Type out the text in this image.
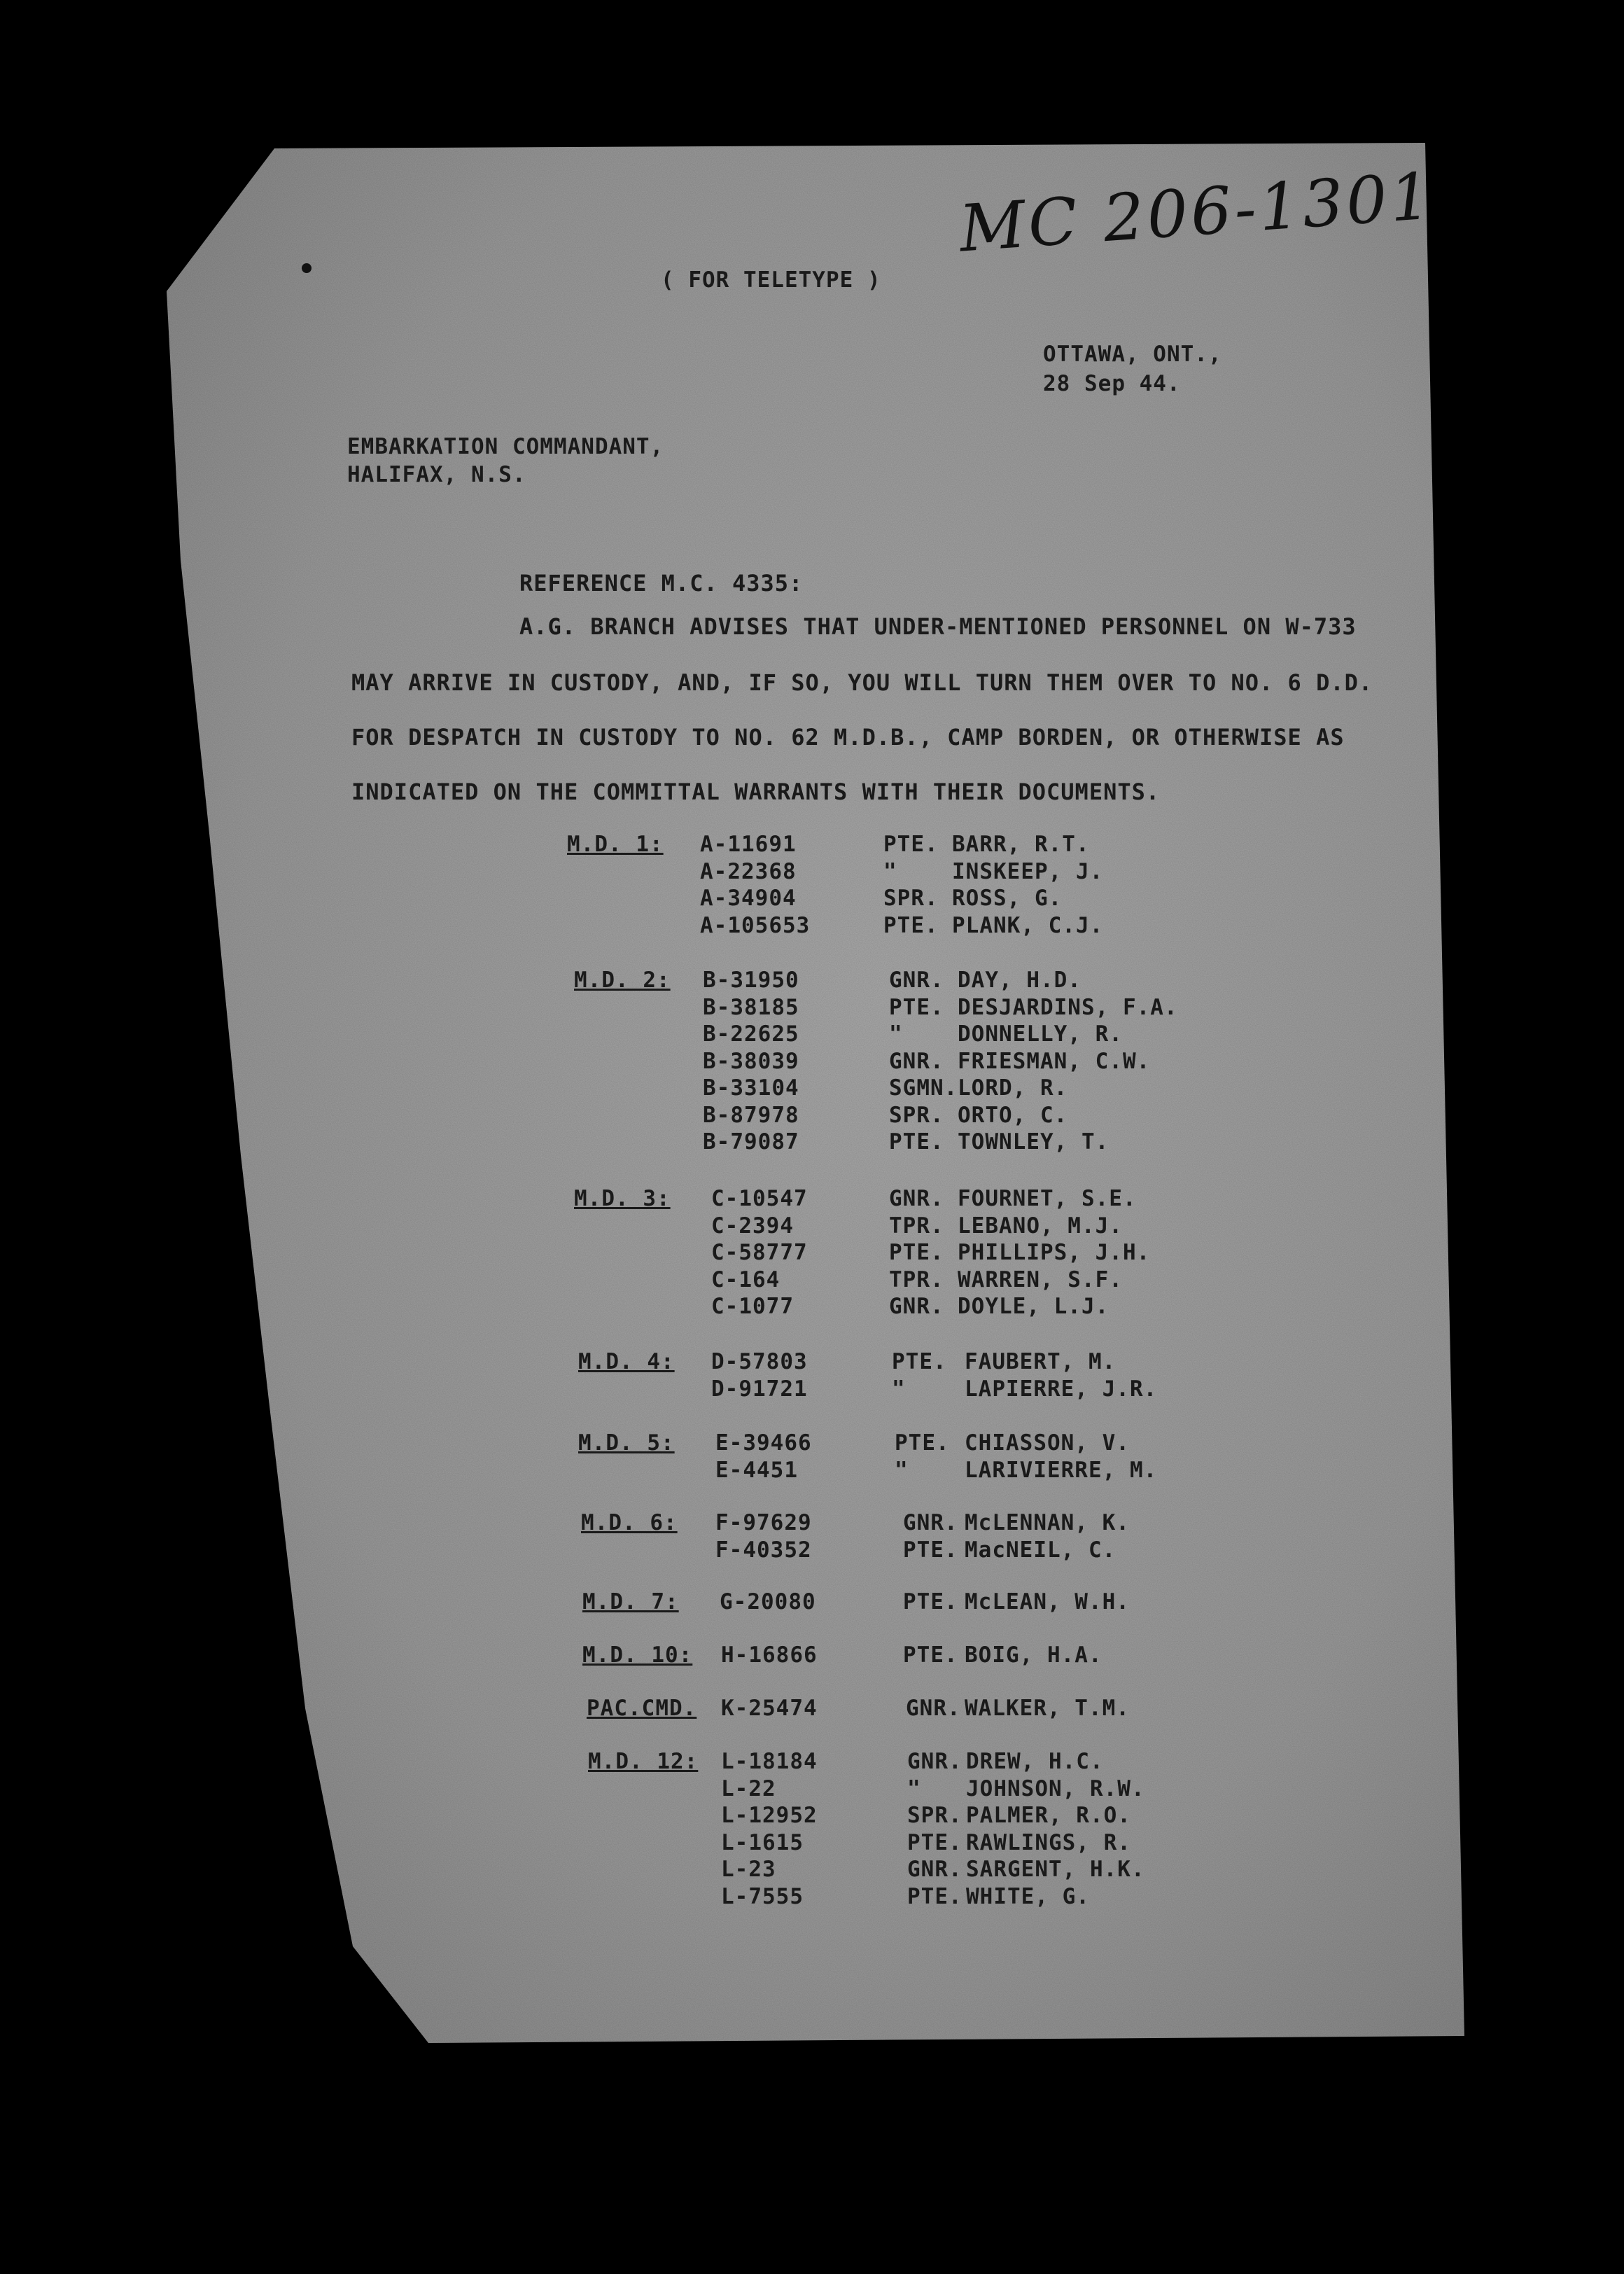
MC 206-1301
( FOR TELETYPE )
OTTAWA, ONT.,
28 Sep 44.
EMBARKATION COMMANDANT,
HALIFAX, N.S.
REFERENCE M.C. 4335:
A.G. BRANCH ADVISES THAT UNDER-MENTIONED PERSONNEL ON W-733
MAY ARRIVE IN CUSTODY, AND, IF SO, YOU WILL TURN THEM OVER TO NO. 6 D.D.
FOR DESPATCH IN CUSTODY TO NO. 62 M.D.B., CAMP BORDEN, OR OTHERWISE AS
INDICATED ON THE COMMITTAL WARRANTS WITH THEIR DOCUMENTS.
M.D. 1: A-11691	PTE. BARR, R.T.
A-22368	"	INSKEEP, J.
A-34904	SPR. ROSS, G.
A-105653	PTE. PLANK, C.J.
M.D. 2: B-31950	GNR. DAY, H.D.
B-38185	PTE. DESJARDINS, F.A.
B-22625	"	DONNELLY, R.
B-38039	GNR. FRIESMAN, C.W.
B-33104	SGMN. LORD, R.
B-87978	SPR. ORTO, C.
B-79087	PTE. TOWNLEY, T.
M.D. 3: C-10547	GNR. FOURNET, S.E.
C-2394	TPR. LEBANO, M.J.
C-58777	PTE. PHILLIPS, J.H.
C-164	TPR. WARREN, S.F.
C-1077	GNR. DOYLE, L.J.
M.D. 4: D-57803	PTE. FAUBERT, M.
D-91721	"	LAPIERRE, J.R.
M.D. 5: E-39466	PTE. CHIASSON, V.
E-4451	"	LARIVIERRE, M.
M.D. 6: F-97629	GNR. McLENNAN, K.
F-40352	PTE. MacNEIL, C.
M.D. 7: G-20080	PTE. McLEAN, W.H.
M.D. 10: H-16866	PTE. BOIG, H.A.
PAC.CMD. K-25474	GNR. WALKER, T.M.
M.D. 12: L-18184	GNR. DREW, H.C.
L-22	" JOHNSON, R.W.
L-12952	SPR. PALMER, R.O.
L-1615	PTE. RAWLINGS, R.
L-23	GNR. SARGENT, H.K.
L-7555	PTE. WHITE, G.
